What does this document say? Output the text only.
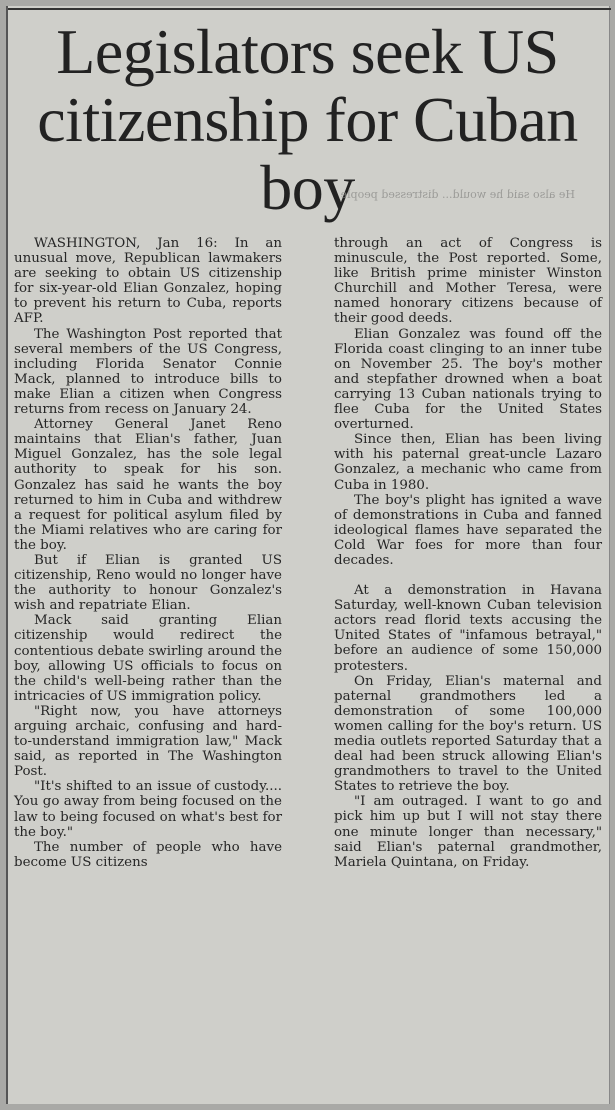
Legislators seek US citizenship for Cuban boy
He also said he would... distressed people

WASHINGTON, Jan 16: In an unusual move, Republican lawmakers are seeking to obtain US citizenship for six-year-old Elian Gonzalez, hoping to prevent his return to Cuba, reports AFP.

The Washington Post reported that several members of the US Congress, including Florida Senator Connie Mack, planned to introduce bills to make Elian a citizen when Congress returns from recess on January 24.

Attorney General Janet Reno maintains that Elian's father, Juan Miguel Gonzalez, has the sole legal authority to speak for his son. Gonzalez has said he wants the boy returned to him in Cuba and withdrew a request for political asylum filed by the Miami relatives who are caring for the boy.

But if Elian is granted US citizenship, Reno would no longer have the authority to honour Gonzalez's wish and repatriate Elian.

Mack said granting Elian citizenship would redirect the contentious debate swirling around the boy, allowing US officials to focus on the child's well-being rather than the intricacies of US immigration policy.

"Right now, you have attorneys arguing archaic, confusing and hard-to-understand immigration law," Mack said, as reported in The Washington Post.

"It's shifted to an issue of custody.... You go away from being focused on the law to being focused on what's best for the boy."

The number of people who have become US citizens

through an act of Congress is minuscule, the Post reported. Some, like British prime minister Winston Churchill and Mother Teresa, were named honorary citizens because of their good deeds.

Elian Gonzalez was found off the Florida coast clinging to an inner tube on November 25. The boy's mother and stepfather drowned when a boat carrying 13 Cuban nationals trying to flee Cuba for the United States overturned.

Since then, Elian has been living with his paternal great-uncle Lazaro Gonzalez, a mechanic who came from Cuba in 1980.

The boy's plight has ignited a wave of demonstrations in Cuba and fanned ideological flames have separated the Cold War foes for more than four decades.

At a demonstration in Havana Saturday, well-known Cuban television actors read florid texts accusing the United States of "infamous betrayal," before an audience of some 150,000 protesters.

On Friday, Elian's maternal and paternal grandmothers led a demonstration of some 100,000 women calling for the boy's return. US media outlets reported Saturday that a deal had been struck allowing Elian's grandmothers to travel to the United States to retrieve the boy.

"I am outraged. I want to go and pick him up but I will not stay there one minute longer than necessary," said Elian's paternal grandmother, Mariela Quintana, on Friday.
